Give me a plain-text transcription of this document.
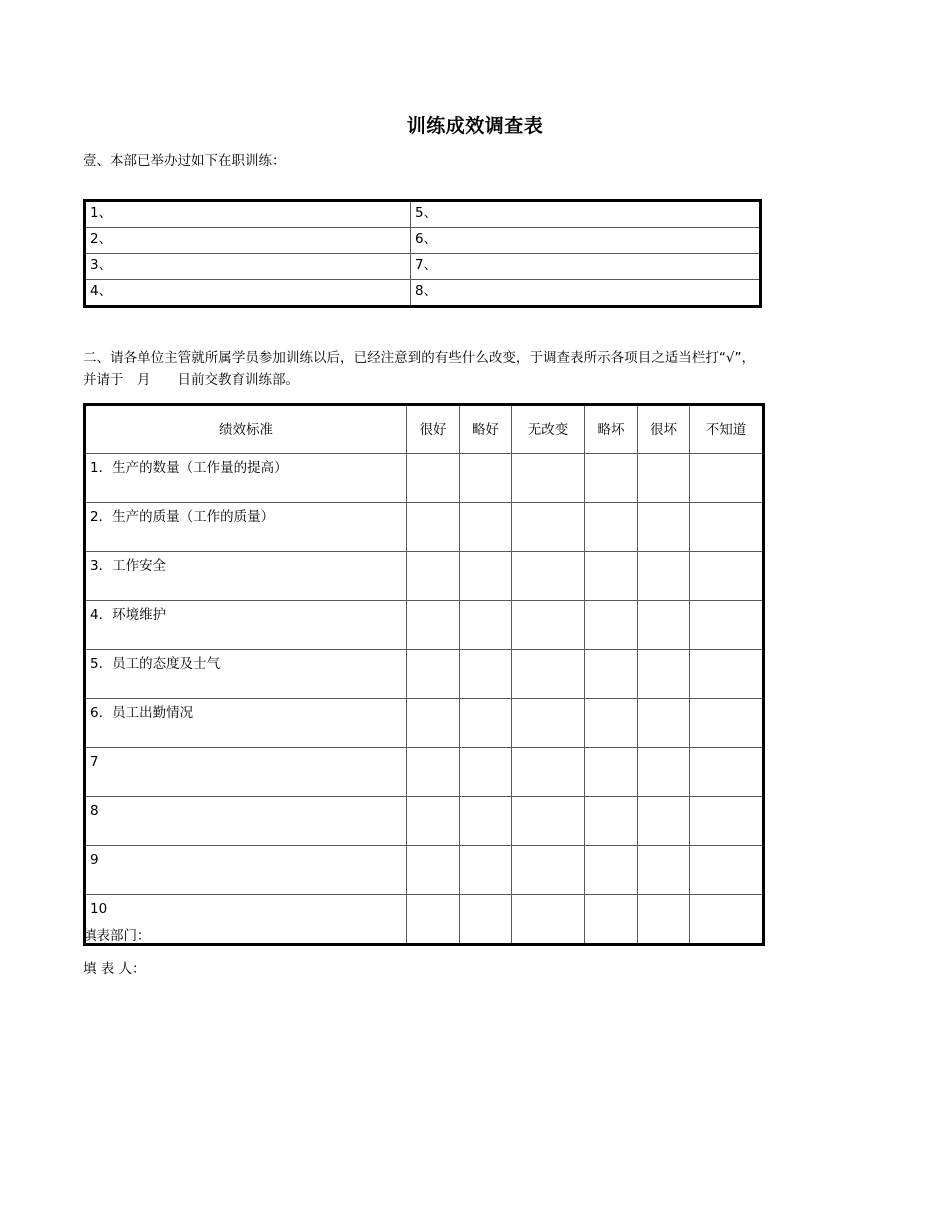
训练成效调查表
壹、本部已举办过如下在职训练：
1、	5、
2、	6、
3、	7、
4、	8、
二、请各单位主管就所属学员参加训练以后，已经注意到的有些什么改变，于调查表所示各项目之适当栏打“√”，并请于　月　　日前交教育训练部。
绩效标准	很好	略好	无改变	略坏	很坏	不知道
1．生产的数量（工作量的提高）						
2．生产的质量（工作的质量）						
3．工作安全						
4．环境维护						
5．员工的态度及士气						
6．员工出勤情况						
7						
8						
9						
10						
填表部门：
填 表 人：
